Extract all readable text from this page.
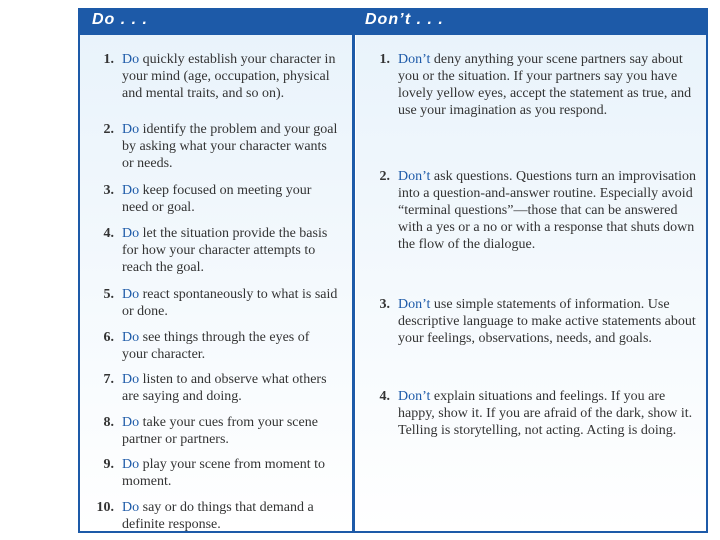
Do . . .	Don’t . . .
1. Do quickly establish your character in your mind (age, occupation, physical and mental traits, and so on).
2. Do identify the problem and your goal by asking what your character wants or needs.
3. Do keep focused on meeting your need or goal.
4. Do let the situation provide the basis for how your character attempts to reach the goal.
5. Do react spontaneously to what is said or done.
6. Do see things through the eyes of your character.
7. Do listen to and observe what others are saying and doing.
8. Do take your cues from your scene partner or partners.
9. Do play your scene from moment to moment.
10. Do say or do things that demand a definite response.
1. Don’t deny anything your scene partners say about you or the situation. If your partners say you have lovely yellow eyes, accept the statement as true, and use your imagination as you respond.
2. Don’t ask questions. Questions turn an improvisation into a question-and-answer routine. Especially avoid “terminal questions”—those that can be answered with a yes or a no or with a response that shuts down the flow of the dialogue.
3. Don’t use simple statements of information. Use descriptive language to make active statements about your feelings, observations, needs, and goals.
4. Don’t explain situations and feelings. If you are happy, show it. If you are afraid of the dark, show it. Telling is storytelling, not acting. Acting is doing.
